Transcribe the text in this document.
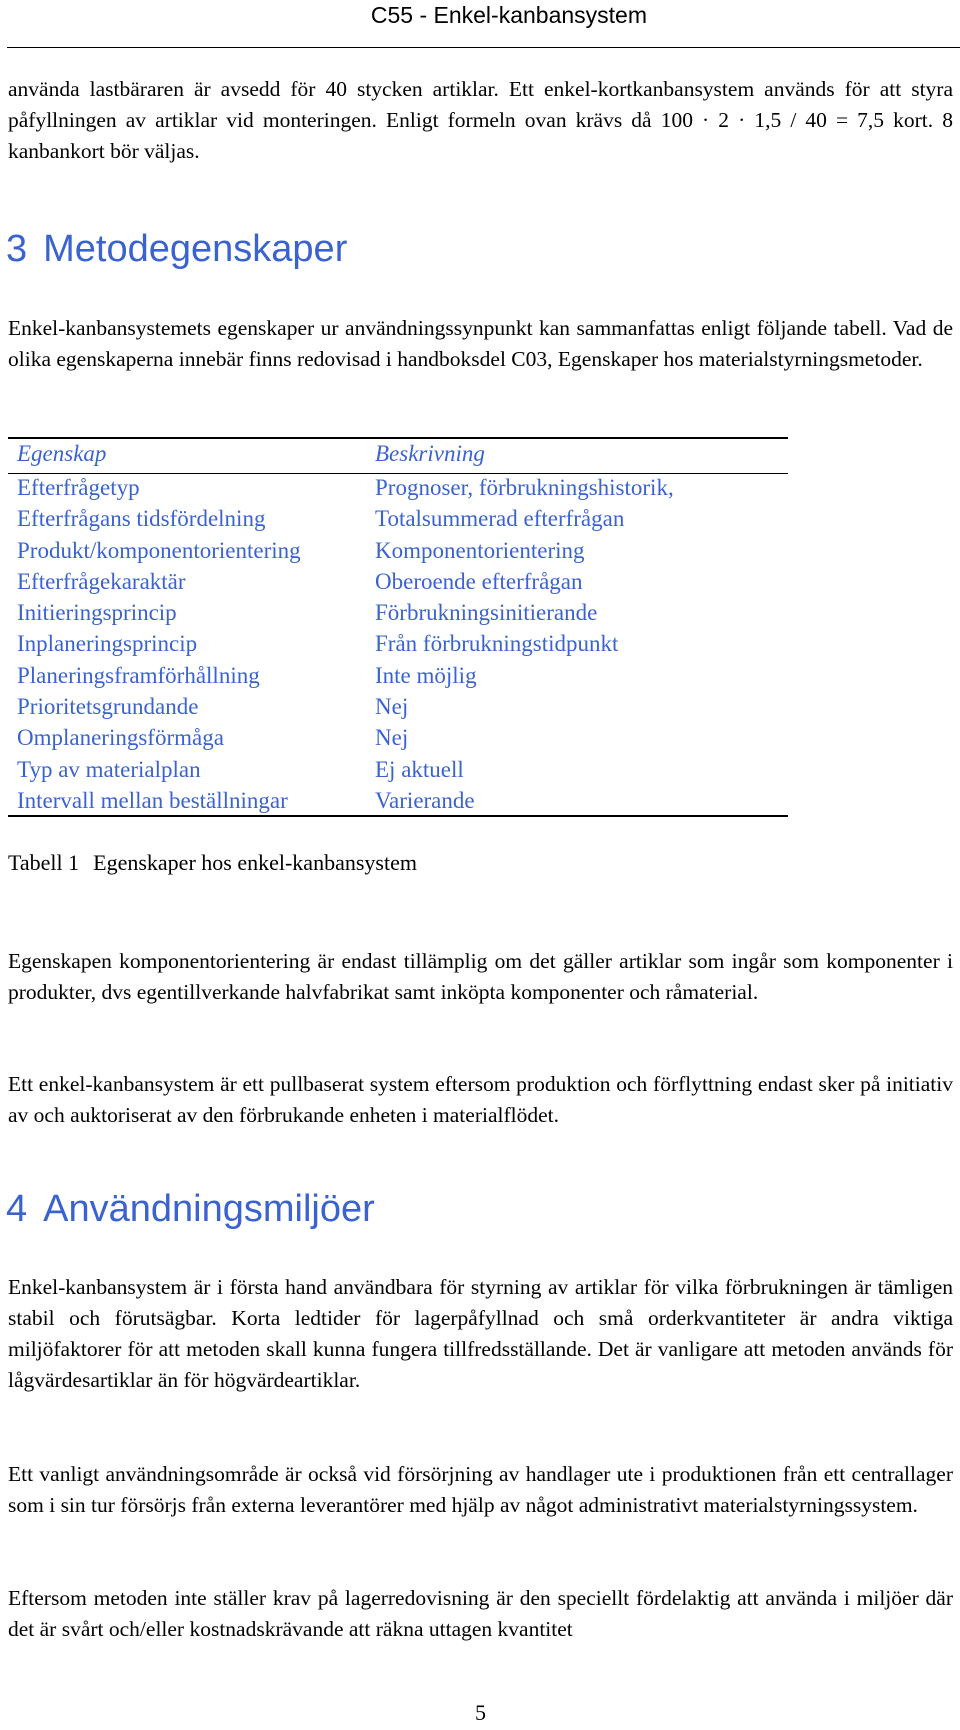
C55 - Enkel-kanbansystem

använda lastbäraren är avsedd för 40 stycken artiklar. Ett enkel-kortkanbansystem används för att styra påfyllningen av artiklar vid monteringen. Enligt formeln ovan krävs då 100 · 2 · 1,5 / 40 = 7,5 kort. 8 kanbankort bör väljas.

3 Metodegenskaper

Enkel-kanbansystemets egenskaper ur användningssynpunkt kan sammanfattas enligt följande tabell. Vad de olika egenskaperna innebär finns redovisad i handboksdel C03, Egenskaper hos materialstyrningsmetoder.

Egenskap	Beskrivning
Efterfrågetyp	Prognoser, förbrukningshistorik,
Efterfrågans tidsfördelning	Totalsummerad efterfrågan
Produkt/komponentorientering	Komponentorientering
Efterfrågekaraktär	Oberoende efterfrågan
Initieringsprincip	Förbrukningsinitierande
Inplaneringsprincip	Från förbrukningstidpunkt
Planeringsframförhållning	Inte möjlig
Prioritetsgrundande	Nej
Omplaneringsförmåga	Nej
Typ av materialplan	Ej aktuell
Intervall mellan beställningar	Varierande
Tabell 1 Egenskaper hos enkel-kanbansystem

Egenskapen komponentorientering är endast tillämplig om det gäller artiklar som ingår som komponenter i produkter, dvs egentillverkande halvfabrikat samt inköpta komponenter och råmaterial.

Ett enkel-kanbansystem är ett pullbaserat system eftersom produktion och förflyttning endast sker på initiativ av och auktoriserat av den förbrukande enheten i materialflödet.

4 Användningsmiljöer

Enkel-kanbansystem är i första hand användbara för styrning av artiklar för vilka förbrukningen är tämligen stabil och förutsägbar. Korta ledtider för lagerpåfyllnad och små orderkvantiteter är andra viktiga miljöfaktorer för att metoden skall kunna fungera tillfredsställande. Det är vanligare att metoden används för lågvärdesartiklar än för högvärdeartiklar.

Ett vanligt användningsområde är också vid försörjning av handlager ute i produktionen från ett centrallager som i sin tur försörjs från externa leverantörer med hjälp av något administrativt materialstyrningssystem.

Eftersom metoden inte ställer krav på lagerredovisning är den speciellt fördelaktig att använda i miljöer där det är svårt och/eller kostnadskrävande att räkna uttagen kvantitet

5
